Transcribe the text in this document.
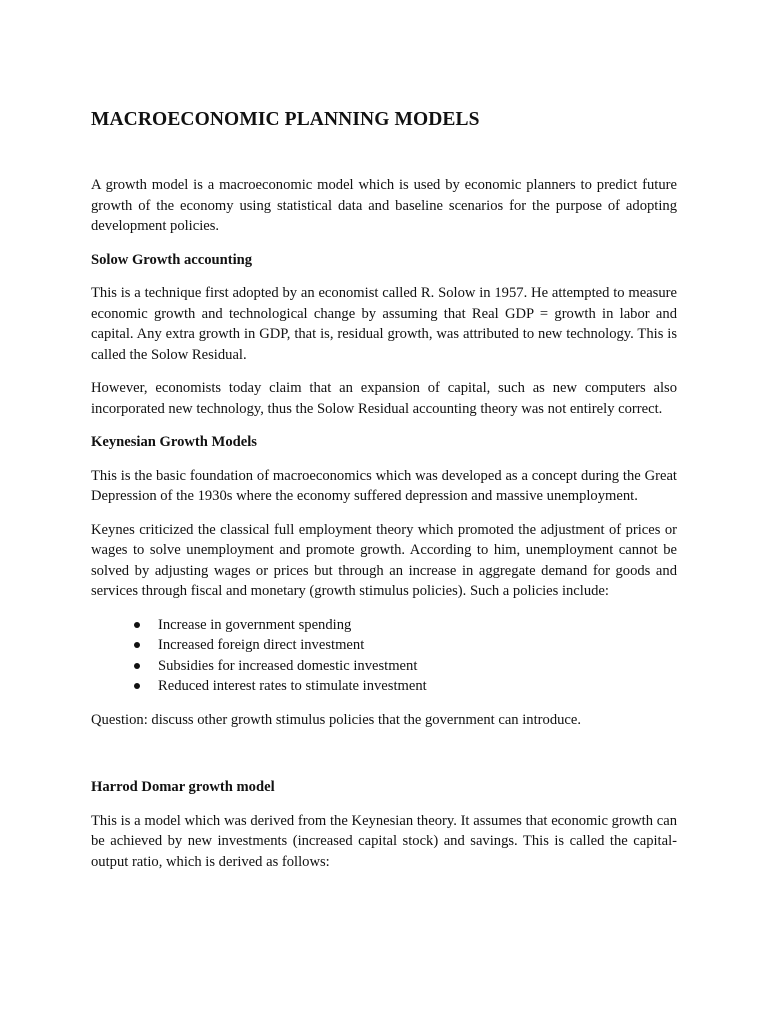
MACROECONOMIC PLANNING MODELS

A growth model is a macroeconomic model which is used by economic planners to predict future growth of the economy using statistical data and baseline scenarios for the purpose of adopting development policies.

Solow Growth accounting

This is a technique first adopted by an economist called R. Solow in 1957. He attempted to measure economic growth and technological change by assuming that Real GDP = growth in labor and capital. Any extra growth in GDP, that is, residual growth, was attributed to new technology. This is called the Solow Residual.

However, economists today claim that an expansion of capital, such as new computers also incorporated new technology, thus the Solow Residual accounting theory was not entirely correct.

Keynesian Growth Models

This is the basic foundation of macroeconomics which was developed as a concept during the Great Depression of the 1930s where the economy suffered depression and massive unemployment.

Keynes criticized the classical full employment theory which promoted the adjustment of prices or wages to solve unemployment and promote growth. According to him, unemployment cannot be solved by adjusting wages or prices but through an increase in aggregate demand for goods and services through fiscal and monetary (growth stimulus policies). Such a policies include:

Increase in government spending
Increased foreign direct investment
Subsidies for increased domestic investment
Reduced interest rates to stimulate investment

Question: discuss other growth stimulus policies that the government can introduce.

Harrod Domar growth model

This is a model which was derived from the Keynesian theory. It assumes that economic growth can be achieved by new investments (increased capital stock) and savings. This is called the capital-output ratio, which is derived as follows:
